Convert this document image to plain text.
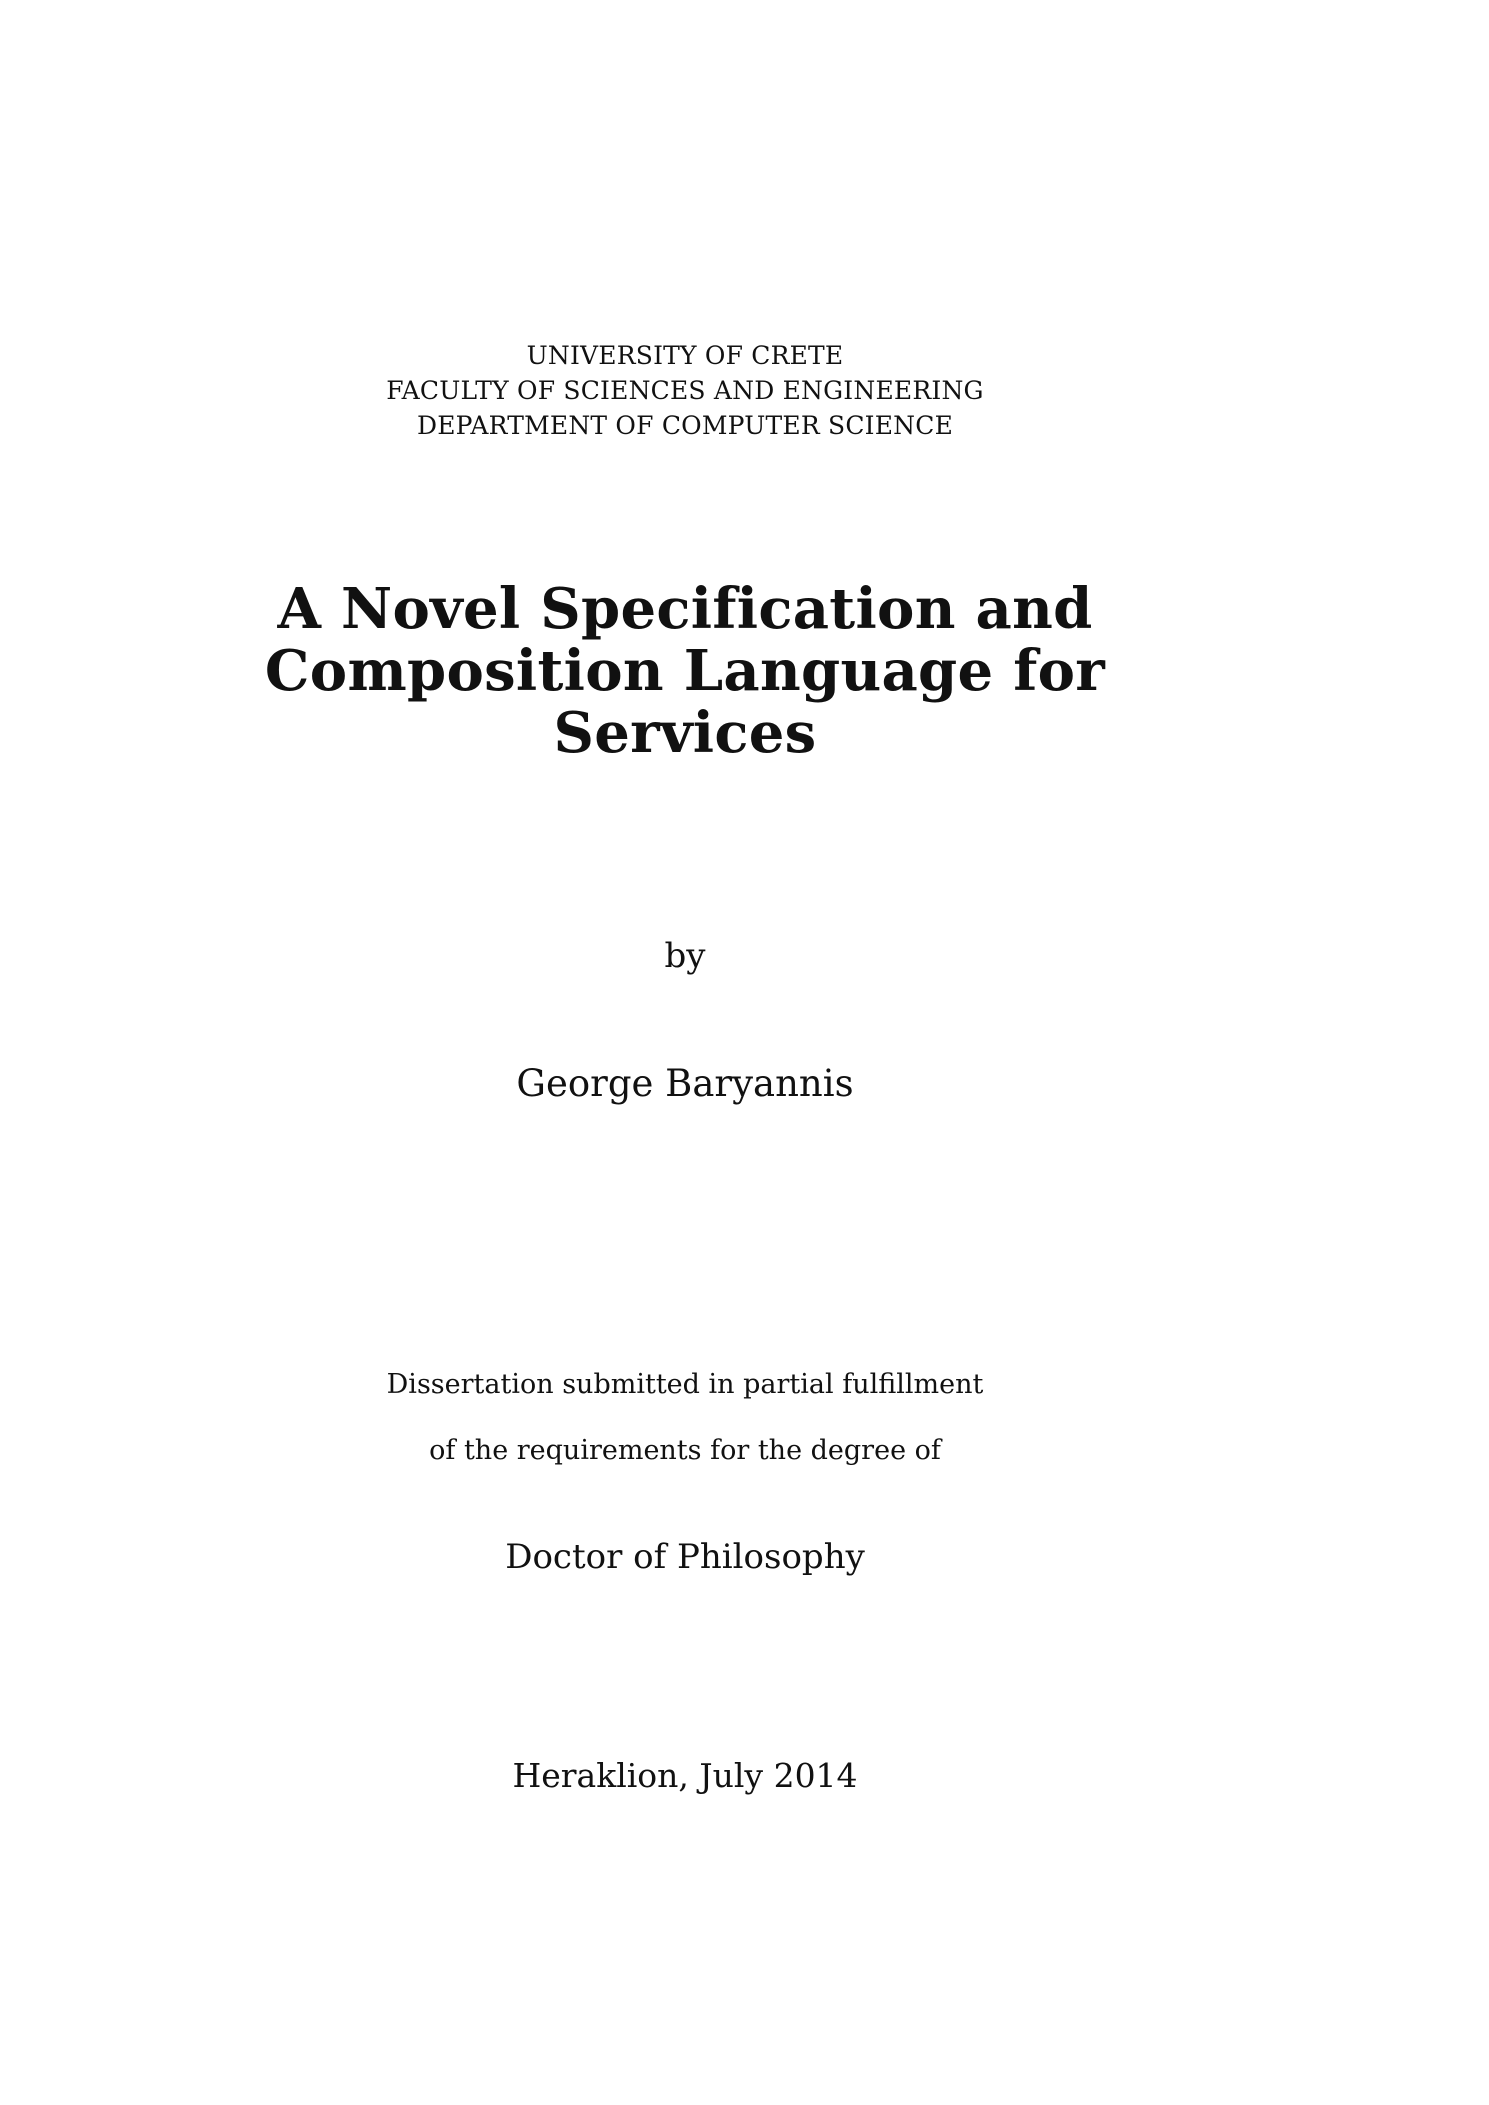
UNIVERSITY OF CRETE
FACULTY OF SCIENCES AND ENGINEERING
DEPARTMENT OF COMPUTER SCIENCE
A Novel Specification and
Composition Language for
Services
by
George Baryannis
Dissertation submitted in partial fulfillment
of the requirements for the degree of
Doctor of Philosophy
Heraklion, July 2014
